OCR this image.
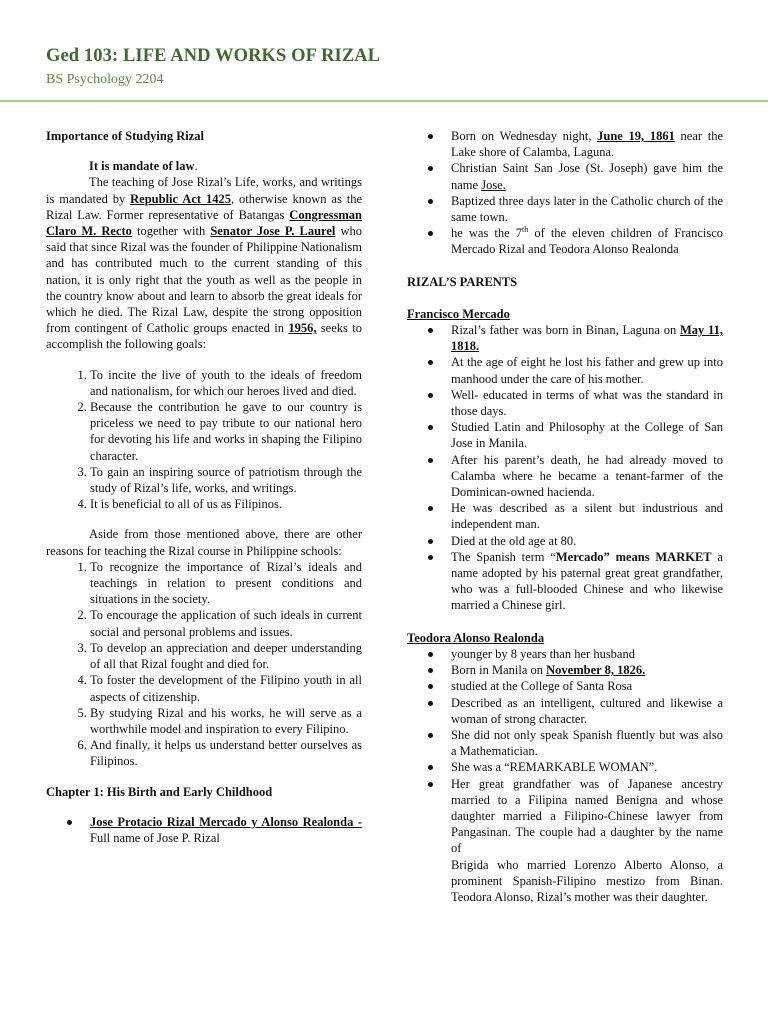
Ged 103: LIFE AND WORKS OF RIZAL
BS Psychology 2204

Importance of Studying Rizal

It is mandate of law.

The teaching of Jose Rizal’s Life, works, and writings is mandated by Republic Act 1425, otherwise known as the Rizal Law. Former representative of Batangas Congressman Claro M. Recto together with Senator Jose P. Laurel who said that since Rizal was the founder of Philippine Nationalism and has contributed much to the current standing of this nation, it is only right that the youth as well as the people in the country know about and learn to absorb the great ideals for which he died. The Rizal Law, despite the strong opposition from contingent of Catholic groups enacted in 1956, seeks to accomplish the following goals:

1. To incite the live of youth to the ideals of freedom and nationalism, for which our heroes lived and died.
2. Because the contribution he gave to our country is priceless we need to pay tribute to our national hero for devoting his life and works in shaping the Filipino character.
3. To gain an inspiring source of patriotism through the study of Rizal’s life, works, and writings.
4. It is beneficial to all of us as Filipinos.

Aside from those mentioned above, there are other reasons for teaching the Rizal course in Philippine schools:

1. To recognize the importance of Rizal’s ideals and teachings in relation to present conditions and situations in the society.
2. To encourage the application of such ideals in current social and personal problems and issues.
3. To develop an appreciation and deeper understanding of all that Rizal fought and died for.
4. To foster the development of the Filipino youth in all aspects of citizenship.
5. By studying Rizal and his works, he will serve as a worthwhile model and inspiration to every Filipino.
6. And finally, it helps us understand better ourselves as Filipinos.

Chapter 1: His Birth and Early Childhood

Jose Protacio Rizal Mercado y Alonso Realonda - Full name of Jose P. Rizal
Born on Wednesday night, June 19, 1861 near the Lake shore of Calamba, Laguna.
Christian Saint San Jose (St. Joseph) gave him the name Jose.
Baptized three days later in the Catholic church of the same town.
he was the 7th of the eleven children of Francisco Mercado Rizal and Teodora Alonso Realonda

RIZAL’S PARENTS

Francisco Mercado

Rizal’s father was born in Binan, Laguna on May 11, 1818.
At the age of eight he lost his father and grew up into manhood under the care of his mother.
Well- educated in terms of what was the standard in those days.
Studied Latin and Philosophy at the College of San Jose in Manila.
After his parent’s death, he had already moved to Calamba where he became a tenant-farmer of the Dominican-owned hacienda.
He was described as a silent but industrious and independent man.
Died at the old age at 80.
The Spanish term “Mercado” means MARKET a name adopted by his paternal great great grandfather, who was a full-blooded Chinese and who likewise married a Chinese girl.

Teodora Alonso Realonda

younger by 8 years than her husband
Born in Manila on November 8, 1826.
studied at the College of Santa Rosa
Described as an intelligent, cultured and likewise a woman of strong character.
She did not only speak Spanish fluently but was also a Mathematician.
She was a “REMARKABLE WOMAN”.
Her great grandfather was of Japanese ancestry married to a Filipina named Benigna and whose daughter married a Filipino-Chinese lawyer from Pangasinan. The couple had a daughter by the name of
Brigida who married Lorenzo Alberto Alonso, a prominent Spanish-Filipino mestizo from Binan. Teodora Alonso, Rizal’s mother was their daughter.
